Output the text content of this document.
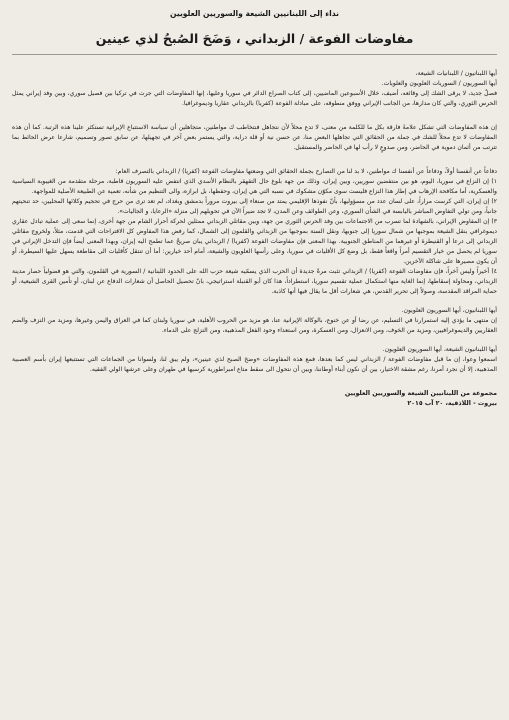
نداء إلى اللبنانيين الشيعة والسوريين العلويين
مفاوضات الفوعة / الزبداني ، وَضَحَ الصُبحُ لذي عينين

أيها اللبنانيون / اللبنانيات الشيعة،

أيها السوريون / السوريات العلويون والعلويات.

فصلٌ جديد، لا يرقى الشك إلى وقائعه، أضيف، خلال الأسبوعين الماضيين، إلى كتاب الصراع الدائر في سوريا وعليها، إنها المفاوضات التي جرت في تركيا بين فصيل سوري، وبين وفد إيراني يمثل الحرس الثوري، والتي كان مدارها، من الجانب الإيراني ووفق منطوقه، على مبادلة الفوعة (كفريا) بالزبداني عقاريا وديموغرافيا.

إن هذه المفاوضات التي تشكل علامةً فارقة بكل ما للكلمة من معنى، لا تدع محلاً لأن نتجاهل فنتخاطب ك مواطنين، متجاهلين أن سياسة الاستتباع الإيرانية تستكثر علينا هذه الرتبة. كما أن هذه المفاوضات لا تدع محلاً للشك في جملة من الحقائق التي تجاهلها البعض منا، عن حسن نية أو قلة دراية، والتي يستمر بعض آخر في تجهيلها، عن سابق تصور وتصميم، شارعا عرض الحائط بما تترتب من أثمان دموية في الحاضر، ومن صدوعٍ لا رأب لها في الحاضر والمستقبل.

دفاعاً عن أنفسنا أولاً، ودفاعاً عن أنفسنا ك مواطنين، لا بد لنا من التصارح بجملة الحقائق التي وضعتها مفاوضات الفوعة (كفريا) / الزبداني بالتصرف العام:

١) إن النزاع في سوريا، اليوم، هو بين منتفضين سوريين، وبين إيران، وذلك من جهة بلوغ حال التقهقر بالنظام الأسدي الذي انتفض عليه السوريون قاطبة، مرحلة متقدمة من الغيبوبة السياسية والعسكرية، أما مكافحة الإرهاب في إطار هذا النزاع فليست سوى مكوّن مشكوك في نسبه التي هي إيران، وحفظها، بل ابرازه، والى التنظيم من شأنه، تعمية عن الطبيعة الأصلية للمواجهة.

٢) إن إيران، التي كرست مراراً، على لسان عدد من مسؤوليها، بأنّ نفوذها الإقليمي يمتد من صنعاء إلى بيروت مروراً بدمشق وبغداد، لم تعد ترى من حرج في تحجيم وكلائها المحليين، حد تنحيتهم جانباً، ومن تولي التفاوض المباشر باليابسة في الشأن السوري، وعن الطوائف وعن المدن، لا تجد ضيراً الآن في تحويلهم إلى منزلة «الرعايا، و الجاليات».

٣) إن المفاوض الإيراني، بالشهادة لما تسرب من الاجتماعات بين وفد الحرس الثوري من جهة، وبين مقاتلي الزبداني ممثلين لحركة أحرار الشام من جهة أخرى، إنما سعى إلى عملية تبادل عقاري ديموغرافي بنقل الشيعة بموجبها من شمال سوريا إلى جنوبها، ونقل السنة بموجبها من الزبداني والقلمون إلى الشمال، كما رفض هذا المفاوض كل الاقتراحات التي قدمت، مثلاً، ولخروج مقاتلي الزبداني إلى درعا أو القنيطرة أو غيرهما من المناطق الجنوبية. بهذا المعنى فإن مفاوضات الفوعة (كفريا) / الزبداني يبان صريحٌ عما تطمح اليه إيران، وبهذا المعنى أيضاً فإن التدخل الإيراني في سوريا لم يحصل من خيار التقسيم أمراً واقعاً فقط، بل وضع كل الأقليات في سوريا، وعلى رأسها العلويون والشيعة، أمام أحد خيارين: أما أن تنتقل كأقليات الى مقاطعة يسهل عليها السيطرة، أو أن يكون مصيرها على شاكلة الآخرين.

٤) أخيراً وليس آخراً، فإن مفاوضات الفوعة (كفريا) / الزبداني تثبت مرةً جديدة أن الحزب الذي يسمّيه شيعة حزب الله على الحدود اللبنانية / السورية في القلمون، والتي هو فضولياً حصار مدينة الزبداني، ومحاولة إسقاطها، إنما الغاية منها استكمال عملية تقسيم سوريا، استطراداً، هذا كان أبو القنبلة استراتيجي، بانّ تحصيل الحاصل أن شعارات الدفاع عن لبنان، أو تأمين القرى الشيعية، أو حماية المراقد المقدسة، وصولاً إلى تحرير القدس، هي شعارات أقل ما يقال فيها أنها كاذبة.

أيها اللبنانيون، أيها السوريون العلويون.

إن منتهى ما يؤدي إليه استمرارنا في التسليم، عن رضا أو عن خنوع، بالوكالة الإيرانية عنا، هو مزيد من الحروب الأهلية، في سوريا ولبنان كما في العراق واليمن وغيرها، ومزيد من النزف والضم العقاريين والديموغرافيين، ومزيد من الخوف، ومن الانعزال، ومن العسكرة، ومن استعداء وحود الفعل المذهبية، ومن التزلج على الدماء.

أيها اللبنانيون الشيعة، أيها السوريون العلويون.

اسمعوا وعوا، إن ما قبل مفاوضات الفوعة / الزبداني ليس كما بعدها، فمع هذه المفاوضات «وضحَ الصبح لذي عينين»، ولم يبق لنا، ولسوانا من الجماعات التي تستتبعها إيران بأسم العصبية المذهبية، إلا أن نجرد أمرنا، رغم مشقة الاختيار، بين أن نكون أبناء أوطاننا، وبين أن نتحول الى سقط متاع امبراطورية كرسيها في طهران وعلى عرشها الولي الفقيه.

مجموعة من اللبنانيين الشيعة والسوريين العلويين
بيروت - اللاذقية، ٢٠ آب ٢٠١٥
